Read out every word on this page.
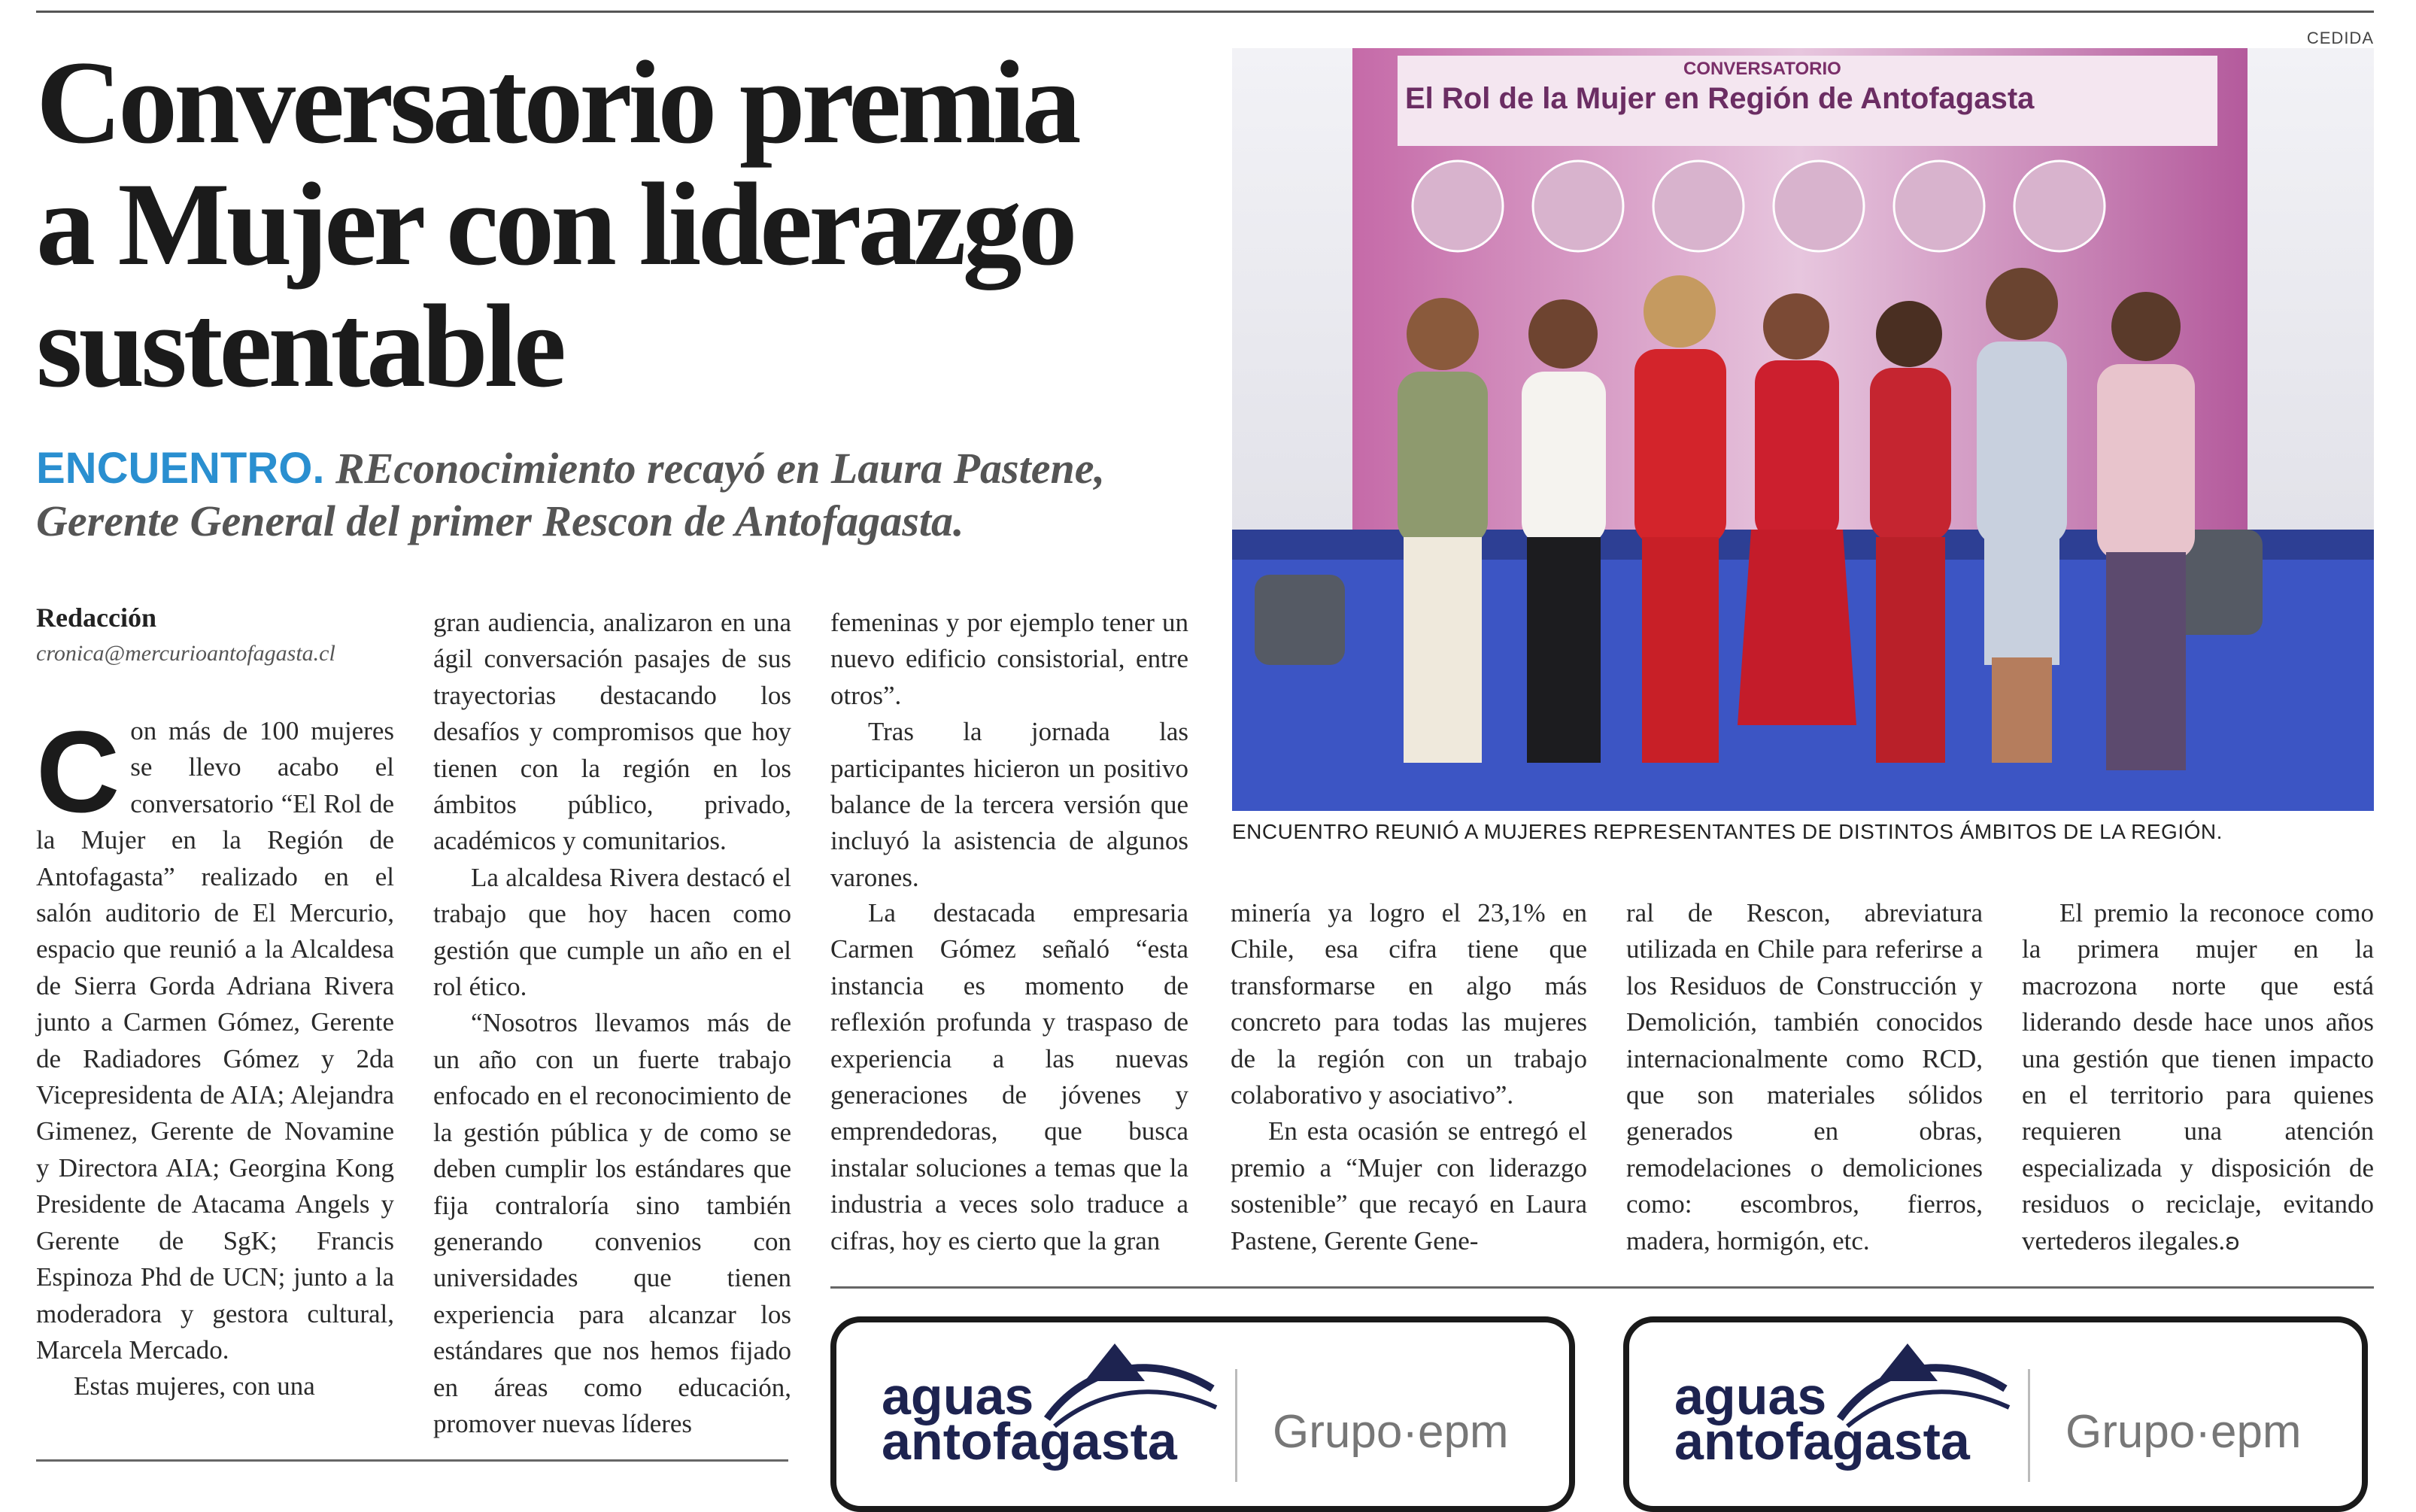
Conversatorio premia
a Mujer con liderazgo
sustentable
ENCUENTRO. REconocimiento recayó en Laura Pastene,
Gerente General del primer Rescon de Antofagasta.
CEDIDA
CONVERSATORIO
El Rol de la Mujer en Región de Antofagasta
ENCUENTRO REUNIÓ A MUJERES REPRESENTANTES DE DISTINTOS ÁMBITOS DE LA REGIÓN.
Redacción
cronica@mercurioantofagasta.cl

Con más de 100 mujeres se llevo acabo el conversatorio “El Rol de la Mujer en la Región de Antofagasta” realizado en el salón auditorio de El Mercurio, espacio que reunió a la Alcaldesa de Sierra Gorda Adriana Rivera junto a Carmen Gómez, Gerente de Radiadores Gómez y 2da Vicepresidenta de AIA; Alejandra Gimenez, Gerente de Novamine y Directora AIA; Georgina Kong Presidente de Atacama Angels y Gerente de SgK; Francis Espinoza Phd de UCN; junto a la moderadora y gestora cultural, Marcela Mercado.

Estas mujeres, con una

gran audiencia, analizaron en una ágil conversación pasajes de sus trayectorias destacando los desafíos y compromisos que hoy tienen con la región en los ámbitos público, privado, académicos y comunitarios.

La alcaldesa Rivera destacó el trabajo que hoy hacen como gestión que cumple un año en el rol ético.

“Nosotros llevamos más de un año con un fuerte trabajo enfocado en el reconocimiento de la gestión pública y de como se deben cumplir los estándares que fija contraloría sino también generando convenios con universidades que tienen experiencia para alcanzar los estándares que nos hemos fijado en áreas como educación, promover nuevas líderes

femeninas y por ejemplo tener un nuevo edificio consistorial, entre otros”.

Tras la jornada las participantes hicieron un positivo balance de la tercera versión que incluyó la asistencia de algunos varones.

La destacada empresaria Carmen Gómez señaló “esta instancia es momento de reflexión profunda y traspaso de experiencia a las nuevas generaciones de jóvenes y emprendedoras, que busca instalar soluciones a temas que la industria a veces solo traduce a cifras, hoy es cierto que la gran

minería ya logro el 23,1% en Chile, esa cifra tiene que transformarse en algo más concreto para todas las mujeres de la región con un trabajo colaborativo y asociativo”.

En esta ocasión se entregó el premio a “Mujer con liderazgo sostenible” que recayó en Laura Pastene, Gerente Gene-

ral de Rescon, abreviatura utilizada en Chile para referirse a los Residuos de Construcción y Demolición, también conocidos internacionalmente como RCD, que son materiales sólidos generados en obras, remodelaciones o demoliciones como: escombros, fierros, madera, hormigón, etc.

El premio la reconoce como la primera mujer en la macrozona norte que está liderando desde hace unos años una gestión que tienen impacto en el territorio para quienes requieren una atención especializada y disposición de residuos o reciclaje, evitando vertederos ilegales.ʚ

aguas
antofagasta Grupo·epm
aguas
antofagasta Grupo·epm
